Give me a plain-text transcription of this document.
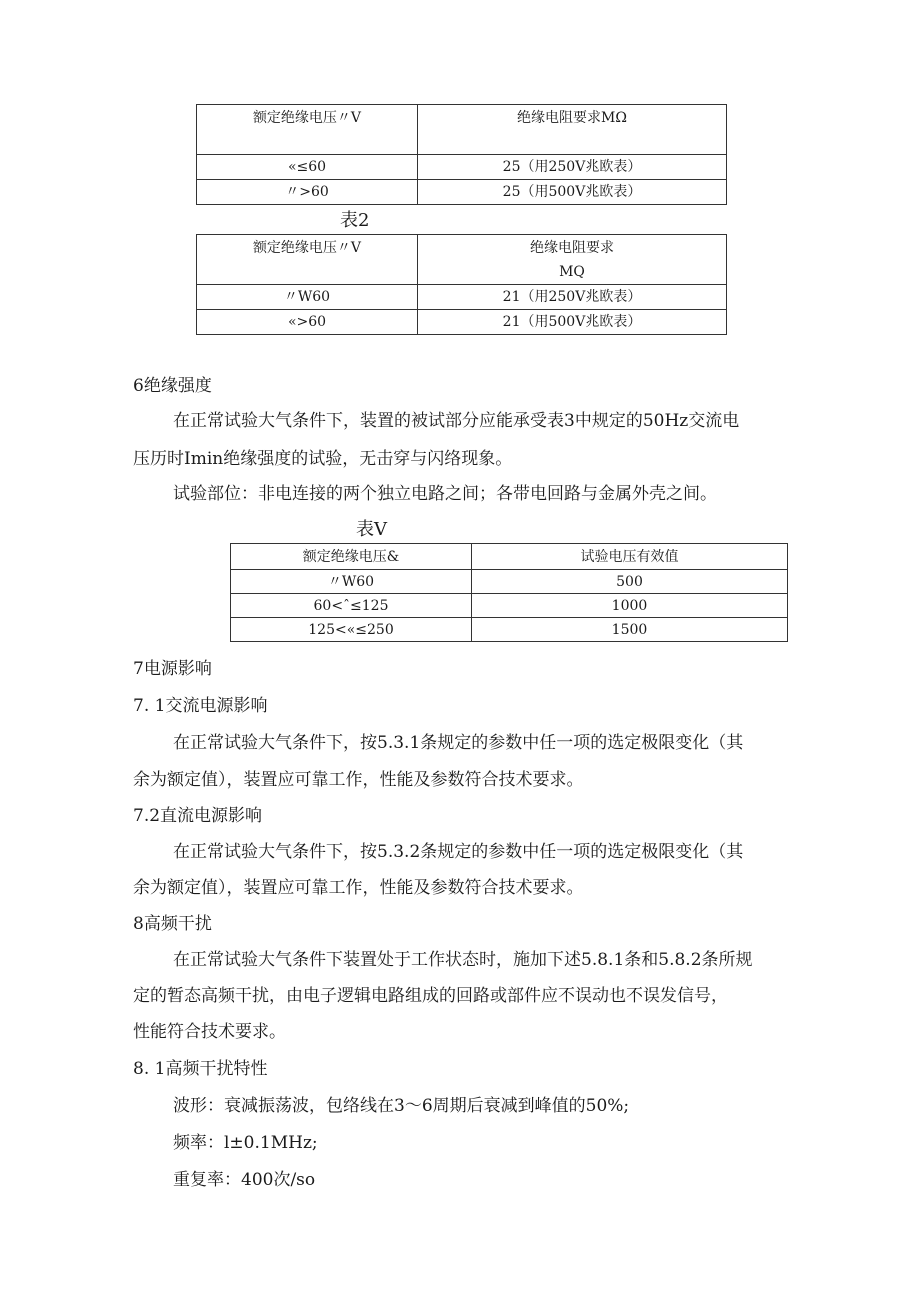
额定绝缘电压〃V	绝缘电阻要求MΩ
«≤60	25（用250V兆欧表）
〃>60	25（用500V兆欧表）
表2
额定绝缘电压〃V	绝缘电阻要求
MQ

〃W60	21（用250V兆欧表）
«>60	21（用500V兆欧表）

6绝缘强度

在正常试验大气条件下，装置的被试部分应能承受表3中规定的50Hz交流电

压历时Imin绝缘强度的试验，无击穿与闪络现象。

试验部位：非电连接的两个独立电路之间；各带电回路与金属外壳之间。

表V
额定绝缘电压&	试验电压有效值
〃W60	500
60<ˆ≤125	1000
125<«≤250	1500

7电源影响

7. 1交流电源影响

在正常试验大气条件下，按5.3.1条规定的参数中任一项的选定极限变化（其

余为额定值），装置应可靠工作，性能及参数符合技术要求。

7.2直流电源影响

在正常试验大气条件下，按5.3.2条规定的参数中任一项的选定极限变化（其

余为额定值），装置应可靠工作，性能及参数符合技术要求。

8高频干扰

在正常试验大气条件下装置处于工作状态时，施加下述5.8.1条和5.8.2条所规

定的暂态高频干扰，由电子逻辑电路组成的回路或部件应不误动也不误发信号，

性能符合技术要求。

8. 1高频干扰特性

波形：衰减振荡波，包络线在3～6周期后衰减到峰值的50%;

频率：l±0.1MHz;

重复率：400次/so
